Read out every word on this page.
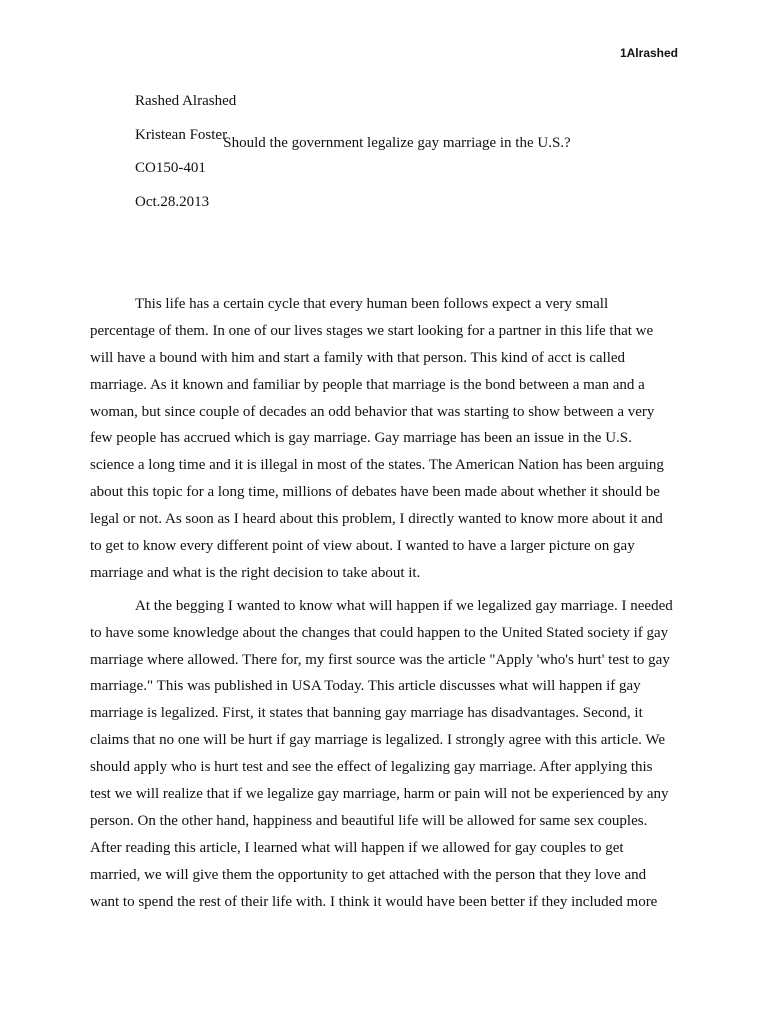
1Alrashed
Rashed Alrashed
Kristean Foster
CO150-401
Oct.28.2013
Should the government legalize gay marriage in the U.S.?
This life has a certain cycle that every human been follows expect a very small
percentage of them. In one of our lives stages we start looking for a partner in this life that we
will have a bound with him and start a family with that person. This kind of acct is called
marriage. As it known and familiar by people that marriage is the bond between a man and a
woman, but since couple of decades an odd behavior that was starting to show between a very
few people has accrued which is gay marriage. Gay marriage has been an issue in the U.S.
science a long time and it is illegal in most of the states. The American Nation has been arguing
about this topic for a long time, millions of debates have been made about whether it should be
legal or not. As soon as I heard about this problem, I directly wanted to know more about it and
to get to know every different point of view about. I wanted to have a larger picture on gay
marriage and what is the right decision to take about it.
At the begging I wanted to know what will happen if we legalized gay marriage. I needed
to have some knowledge about the changes that could happen to the United Stated society if gay
marriage where allowed. There for, my first source was the article "Apply 'who's hurt' test to gay
marriage." This was published in USA Today. This article discusses what will happen if gay
marriage is legalized. First, it states that banning gay marriage has disadvantages. Second, it
claims that no one will be hurt if gay marriage is legalized. I strongly agree with this article. We
should apply who is hurt test and see the effect of legalizing gay marriage. After applying this
test we will realize that if we legalize gay marriage, harm or pain will not be experienced by any
person. On the other hand, happiness and beautiful life will be allowed for same sex couples.
After reading this article, I learned what will happen if we allowed for gay couples to get
married, we will give them the opportunity to get attached with the person that they love and
want to spend the rest of their life with. I think it would have been better if they included more
